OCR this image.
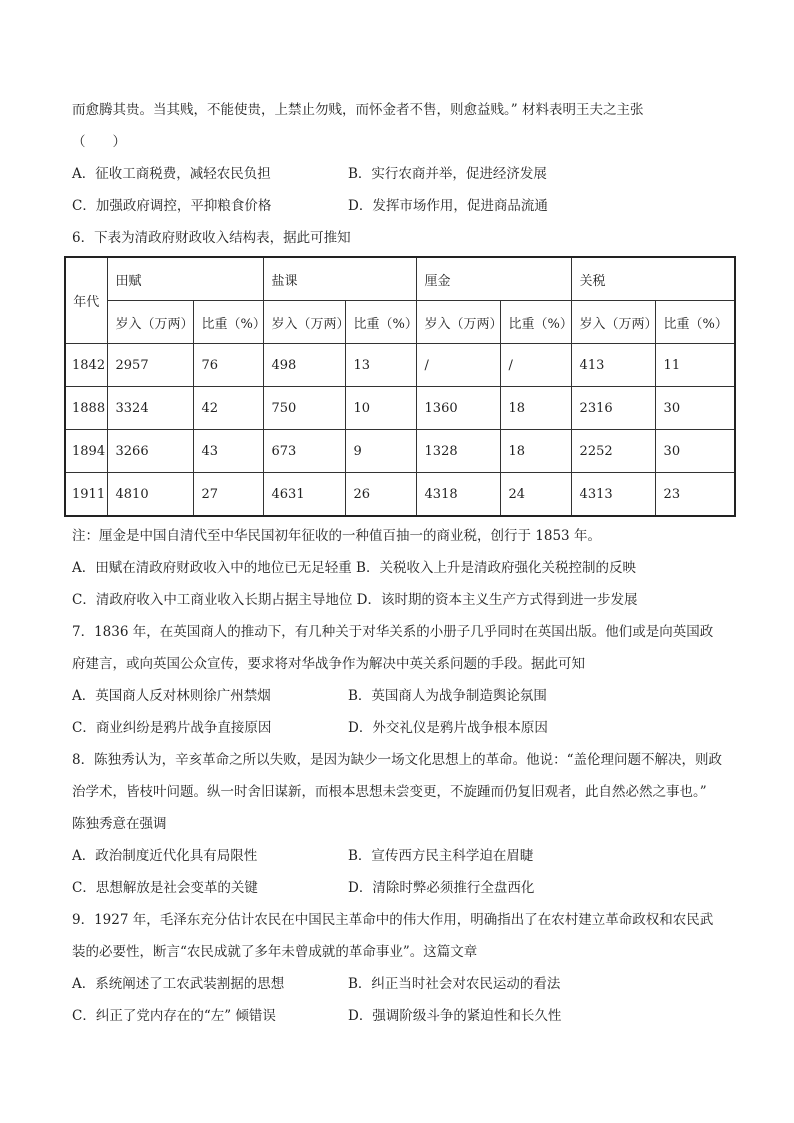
而愈腾其贵。当其贱，不能使贵，上禁止勿贱，而怀金者不售，则愈益贱。” 材料表明王夫之主张
（　　）
A．征收工商税费，减轻农民负担	B．实行农商并举，促进经济发展
C．加强政府调控，平抑粮食价格	D．发挥市场作用，促进商品流通
6．下表为清政府财政收入结构表，据此可推知
年代	田赋		盐课		厘金		关税	
	岁入（万两）	比重（%）	岁入（万两）	比重（%）	岁入（万两）	比重（%）	岁入（万两）	比重（%）
1842	2957	76	498	13	/	/	413	11
1888	3324	42	750	10	1360	18	2316	30
1894	3266	43	673	9	1328	18	2252	30
1911	4810	27	4631	26	4318	24	4313	23
注：厘金是中国自清代至中华民国初年征收的一种值百抽一的商业税，创行于 1853 年。
A．田赋在清政府财政收入中的地位已无足轻重 B．关税收入上升是清政府强化关税控制的反映
C．清政府收入中工商业收入长期占据主导地位 D．该时期的资本主义生产方式得到进一步发展
7．1836 年，在英国商人的推动下，有几种关于对华关系的小册子几乎同时在英国出版。他们或是向英国政
府建言，或向英国公众宣传，要求将对华战争作为解决中英关系问题的手段。据此可知
A．英国商人反对林则徐广州禁烟	B．英国商人为战争制造舆论氛围
C．商业纠纷是鸦片战争直接原因	D．外交礼仪是鸦片战争根本原因
8．陈独秀认为，辛亥革命之所以失败，是因为缺少一场文化思想上的革命。他说：“盖伦理问题不解决，则政
治学术，皆枝叶问题。纵一时舍旧谋新，而根本思想未尝变更，不旋踵而仍复旧观者，此自然必然之事也。”
陈独秀意在强调
A．政治制度近代化具有局限性	B．宣传西方民主科学迫在眉睫
C．思想解放是社会变革的关键	D．清除时弊必须推行全盘西化
9．1927 年，毛泽东充分估计农民在中国民主革命中的伟大作用，明确指出了在农村建立革命政权和农民武
装的必要性，断言“农民成就了多年未曾成就的革命事业”。这篇文章
A．系统阐述了工农武装割据的思想	B．纠正当时社会对农民运动的看法
C．纠正了党内存在的“左” 倾错误	D．强调阶级斗争的紧迫性和长久性
